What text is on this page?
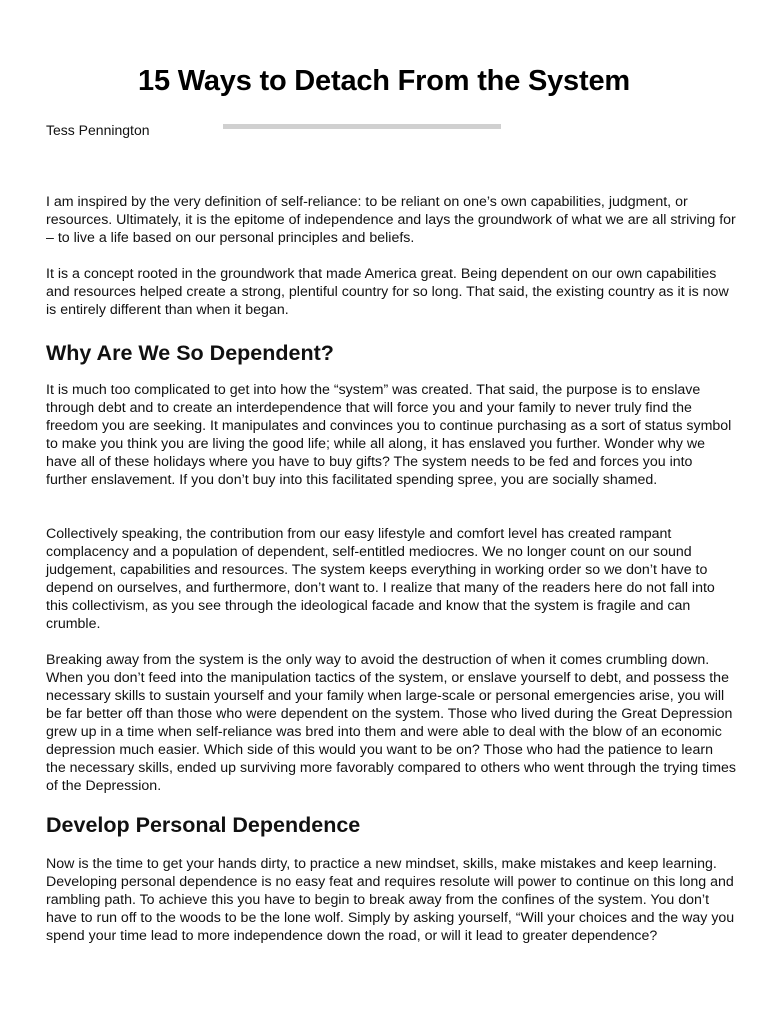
15 Ways to Detach From the System
Tess Pennington

I am inspired by the very definition of self-reliance: to be reliant on one’s own capabilities, judgment, or resources. Ultimately, it is the epitome of independence and lays the groundwork of what we are all striving for – to live a life based on our personal principles and beliefs.

It is a concept rooted in the groundwork that made America great. Being dependent on our own capabilities and resources helped create a strong, plentiful country for so long. That said, the existing country as it is now is entirely different than when it began.

Why Are We So Dependent?

It is much too complicated to get into how the “system” was created. That said, the purpose is to enslave through debt and to create an interdependence that will force you and your family to never truly find the freedom you are seeking. It manipulates and convinces you to continue purchasing as a sort of status symbol to make you think you are living the good life; while all along, it has enslaved you further. Wonder why we have all of these holidays where you have to buy gifts? The system needs to be fed and forces you into further enslavement. If you don’t buy into this facilitated spending spree, you are socially shamed.

Collectively speaking, the contribution from our easy lifestyle and comfort level has created rampant complacency and a population of dependent, self-entitled mediocres. We no longer count on our sound judgement, capabilities and resources. The system keeps everything in working order so we don’t have to depend on ourselves, and furthermore, don’t want to. I realize that many of the readers here do not fall into this collectivism, as you see through the ideological facade and know that the system is fragile and can crumble.

Breaking away from the system is the only way to avoid the destruction of when it comes crumbling down. When you don’t feed into the manipulation tactics of the system, or enslave yourself to debt, and possess the necessary skills to sustain yourself and your family when large-scale or personal emergencies arise, you will be far better off than those who were dependent on the system. Those who lived during the Great Depression grew up in a time when self-reliance was bred into them and were able to deal with the blow of an economic depression much easier. Which side of this would you want to be on? Those who had the patience to learn the necessary skills, ended up surviving more favorably compared to others who went through the trying times of the Depression.

Develop Personal Dependence

Now is the time to get your hands dirty, to practice a new mindset, skills, make mistakes and keep learning. Developing personal dependence is no easy feat and requires resolute will power to continue on this long and rambling path. To achieve this you have to begin to break away from the confines of the system. You don’t have to run off to the woods to be the lone wolf. Simply by asking yourself, “Will your choices and the way you spend your time lead to more independence down the road, or will it lead to greater dependence?
